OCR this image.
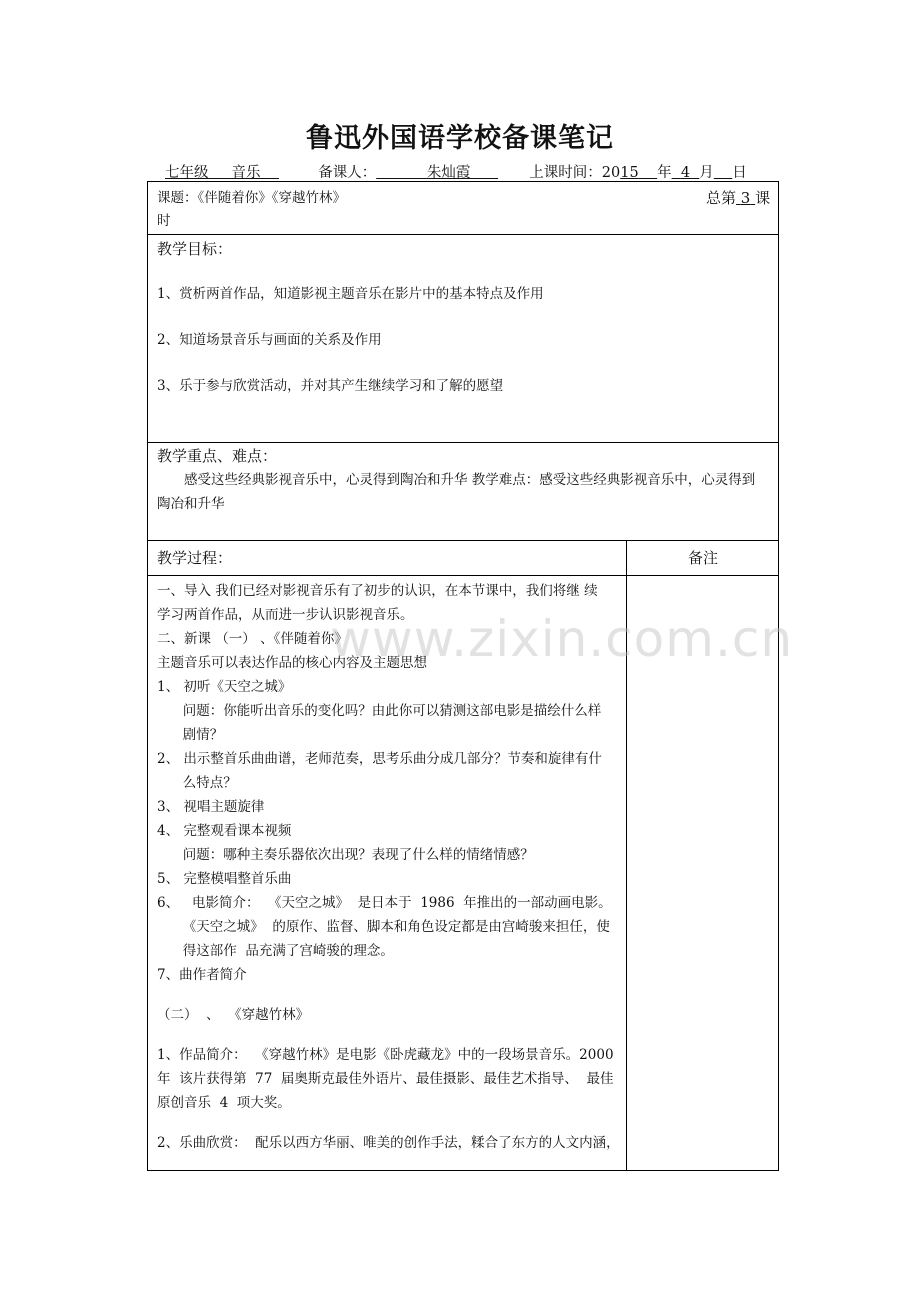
鲁迅外国语学校备课笔记
七年级 音乐	备课人：	朱灿霞	上课时间：2015 年 4 月 日
课题：《伴随着你》《穿越竹林》	总第 3 课
时
教学目标：
1、赏析两首作品，知道影视主题音乐在影片中的基本特点及作用
2、知道场景音乐与画面的关系及作用
3、乐于参与欣赏活动，并对其产生继续学习和了解的愿望
教学重点、难点：
感受这些经典影视音乐中，心灵得到陶冶和升华 教学难点：感受这些经典影视音乐中，心灵得到
陶冶和升华
教学过程：	备注
一、导入 我们已经对影视音乐有了初步的认识，在本节课中，我们将继 续
学习两首作品，从而进一步认识影视音乐。
二、新课 （一） 、《伴随着你》
主题音乐可以表达作品的核心内容及主题思想
1、 初听《天空之城》
问题：你能听出音乐的变化吗？由此你可以猜测这部电影是描绘什么样
剧情？
2、 出示整首乐曲曲谱，老师范奏，思考乐曲分成几部分？节奏和旋律有什
么特点？
3、 视唱主题旋律
4、 完整观看课本视频
问题：哪种主奏乐器依次出现？表现了什么样的情绪情感？
5、 完整模唱整首乐曲
6、   电影简介：  《天空之城》  是日本于  1986  年推出的一部动画电影。
《天空之城》  的原作、监督、脚本和角色设定都是由宫崎骏来担任，使
得这部作  品充满了宫崎骏的理念。
7、曲作者简介
（二）  、  《穿越竹林》
1、作品简介：  《穿越竹林》是电影《卧虎藏龙》中的一段场景音乐。2000
年  该片获得第  77  届奥斯克最佳外语片、最佳摄影、最佳艺术指导、  最佳
原创音乐  4  项大奖。
2、乐曲欣赏：  配乐以西方华丽、唯美的创作手法，糅合了东方的人文内涵，
www.zixin.com.cn
